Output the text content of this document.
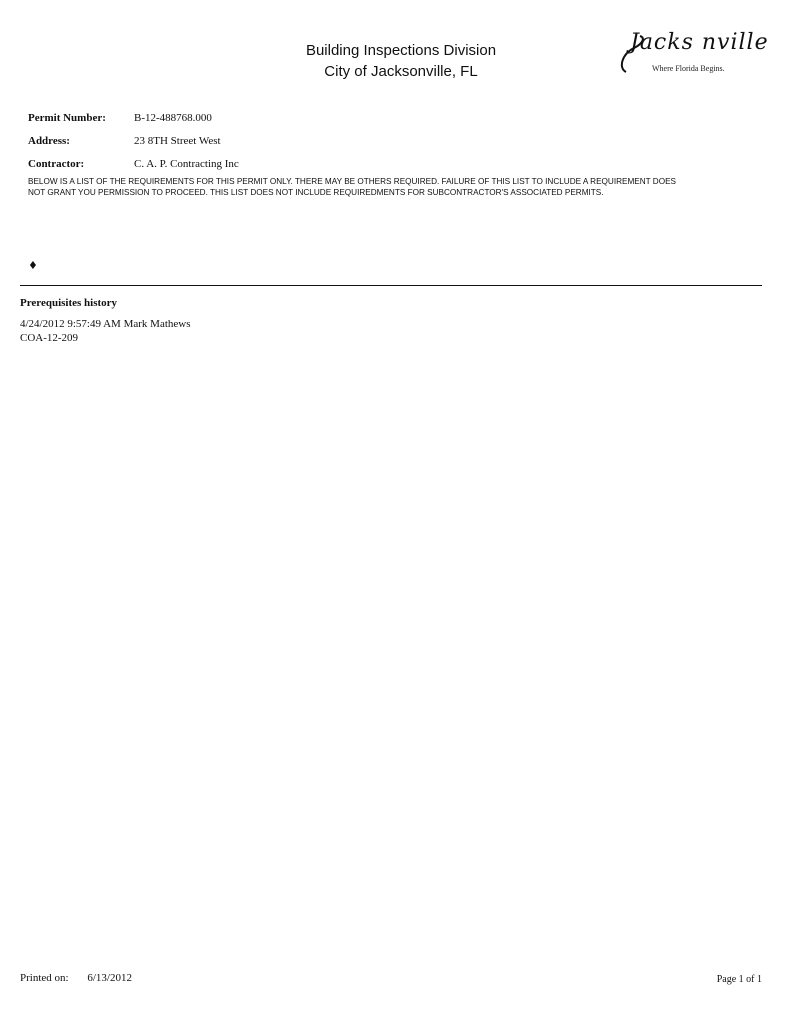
Building Inspections Division
City of Jacksonville, FL
Jacks nville
Where Florida Begins.
Permit Number:	B-12-488768.000
Address:	23 8TH Street West
Contractor:	C. A. P. Contracting Inc
BELOW IS A LIST OF THE REQUIREMENTS FOR THIS PERMIT ONLY. THERE MAY BE OTHERS REQUIRED. FAILURE OF THIS LIST TO INCLUDE A REQUIREMENT DOES NOT GRANT YOU PERMISSION TO PROCEED. THIS LIST DOES NOT INCLUDE REQUIREDMENTS FOR SUBCONTRACTOR'S ASSOCIATED PERMITS.
♦
Prerequisites history
4/24/2012 9:57:49 AM Mark Mathews
COA-12-209
Printed on: 6/13/2012	Page 1 of 1
